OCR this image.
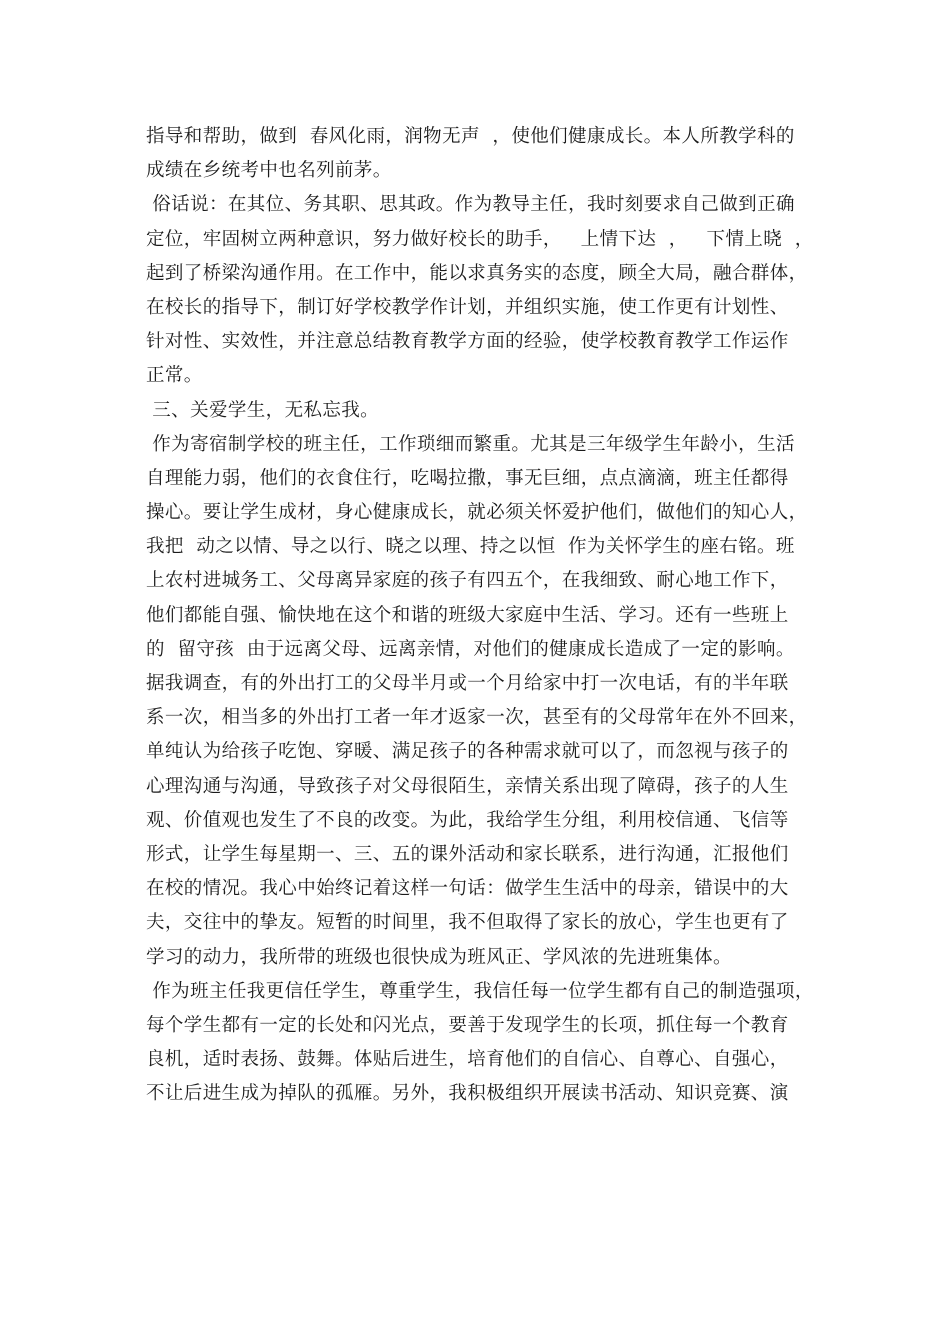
指导和帮助，做到  春风化雨，润物无声  ，使他们健康成长。本人所教学科的
成绩在乡统考中也名列前茅。
俗话说：在其位、务其职、思其政。作为教导主任，我时刻要求自己做到正确
定位，牢固树立两种意识，努力做好校长的助手，   上情下达  ，   下情上晓  ，
起到了桥梁沟通作用。在工作中，能以求真务实的态度，顾全大局，融合群体，
在校长的指导下，制订好学校教学作计划，并组织实施，使工作更有计划性、
针对性、实效性，并注意总结教育教学方面的经验，使学校教育教学工作运作
正常。
三、关爱学生，无私忘我。
作为寄宿制学校的班主任，工作琐细而繁重。尤其是三年级学生年龄小，生活
自理能力弱，他们的衣食住行，吃喝拉撒，事无巨细，点点滴滴，班主任都得
操心。要让学生成材，身心健康成长，就必须关怀爱护他们，做他们的知心人，
我把  动之以情、导之以行、晓之以理、持之以恒  作为关怀学生的座右铭。班
上农村进城务工、父母离异家庭的孩子有四五个，在我细致、耐心地工作下，
他们都能自强、愉快地在这个和谐的班级大家庭中生活、学习。还有一些班上
的  留守孩  由于远离父母、远离亲情，对他们的健康成长造成了一定的影响。
据我调查，有的外出打工的父母半月或一个月给家中打一次电话，有的半年联
系一次，相当多的外出打工者一年才返家一次，甚至有的父母常年在外不回来，
单纯认为给孩子吃饱、穿暖、满足孩子的各种需求就可以了，而忽视与孩子的
心理沟通与沟通，导致孩子对父母很陌生，亲情关系出现了障碍，孩子的人生
观、价值观也发生了不良的改变。为此，我给学生分组，利用校信通、飞信等
形式，让学生每星期一、三、五的课外活动和家长联系，进行沟通，汇报他们
在校的情况。我心中始终记着这样一句话：做学生生活中的母亲，错误中的大
夫，交往中的挚友。短暂的时间里，我不但取得了家长的放心，学生也更有了
学习的动力，我所带的班级也很快成为班风正、学风浓的先进班集体。
作为班主任我更信任学生，尊重学生，我信任每一位学生都有自己的制造强项，
每个学生都有一定的长处和闪光点，要善于发现学生的长项，抓住每一个教育
良机，适时表扬、鼓舞。体贴后进生，培育他们的自信心、自尊心、自强心，
不让后进生成为掉队的孤雁。另外，我积极组织开展读书活动、知识竞赛、演
